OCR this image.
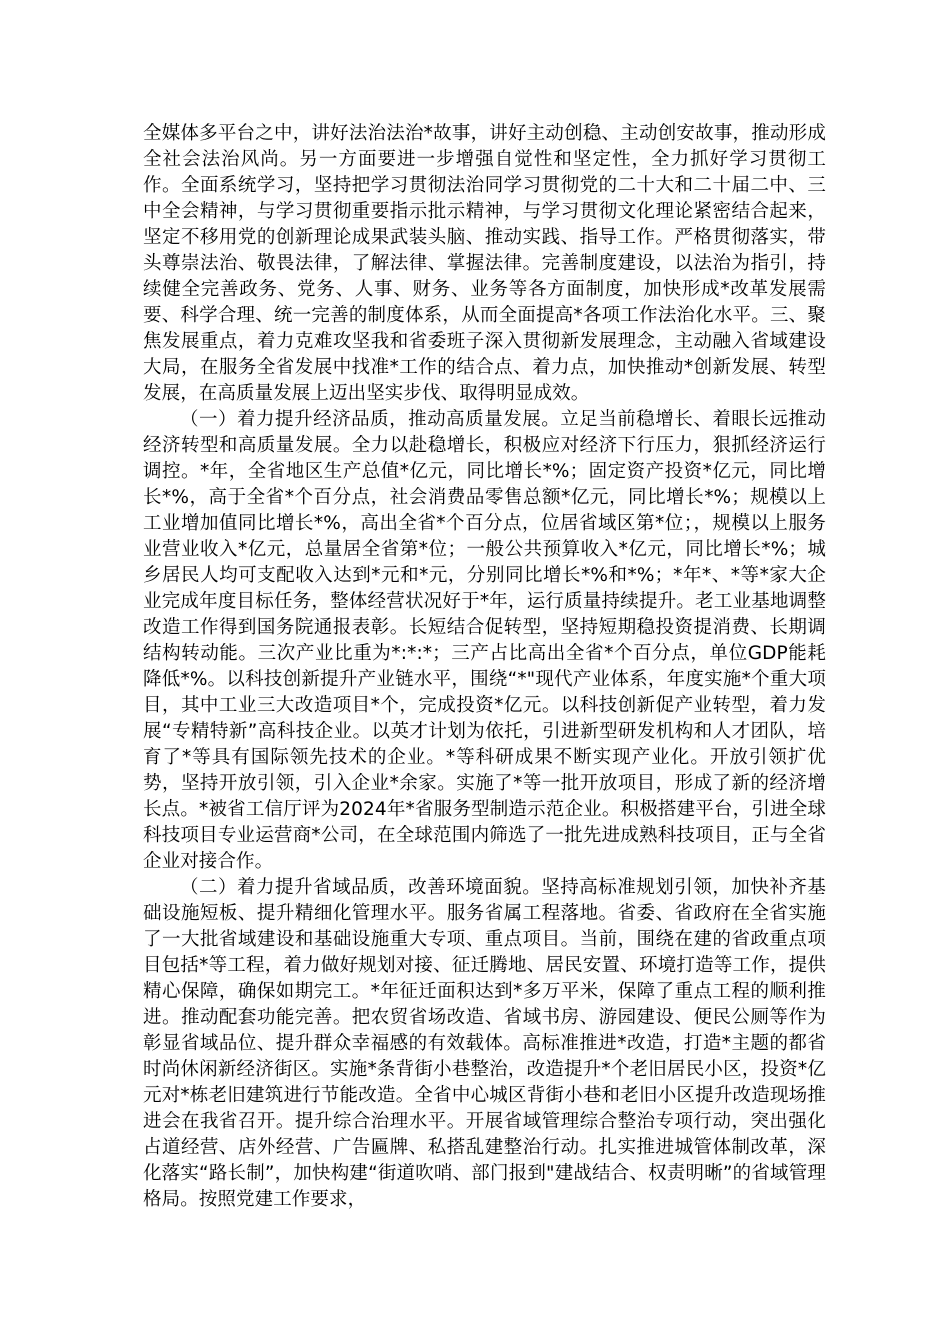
全媒体多平台之中，讲好法治法治*故事，讲好主动创稳、主动创安故事，推动形成全社会法治风尚。另一方面要进一步增强自觉性和坚定性，全力抓好学习贯彻工作。全面系统学习，坚持把学习贯彻法治同学习贯彻党的二十大和二十届二中、三中全会精神，与学习贯彻重要指示批示精神，与学习贯彻文化理论紧密结合起来，坚定不移用党的创新理论成果武装头脑、推动实践、指导工作。严格贯彻落实，带头尊崇法治、敬畏法律，了解法律、掌握法律。完善制度建设，以法治为指引，持续健全完善政务、党务、人事、财务、业务等各方面制度，加快形成*改革发展需要、科学合理、统一完善的制度体系，从而全面提高*各项工作法治化水平。三、聚焦发展重点，着力克难攻坚我和省委班子深入贯彻新发展理念，主动融入省域建设大局，在服务全省发展中找准*工作的结合点、着力点，加快推动*创新发展、转型发展，在高质量发展上迈出坚实步伐、取得明显成效。

（一）着力提升经济品质，推动高质量发展。立足当前稳增长、着眼长远推动经济转型和高质量发展。全力以赴稳增长，积极应对经济下行压力，狠抓经济运行调控。*年，全省地区生产总值*亿元，同比增长*%；固定资产投资*亿元，同比增长*%，高于全省*个百分点，社会消费品零售总额*亿元，同比增长*%；规模以上工业增加值同比增长*%，高出全省*个百分点，位居省域区第*位；，规模以上服务业营业收入*亿元，总量居全省第*位；一般公共预算收入*亿元，同比增长*%；城乡居民人均可支配收入达到*元和*元，分别同比增长*%和*%；*年*、*等*家大企业完成年度目标任务，整体经营状况好于*年，运行质量持续提升。老工业基地调整改造工作得到国务院通报表彰。长短结合促转型，坚持短期稳投资提消费、长期调结构转动能。三次产业比重为*:*:*；三产占比高出全省*个百分点，单位GDP能耗降低*%。以科技创新提升产业链水平，围绕“*"现代产业体系，年度实施*个重大项目，其中工业三大改造项目*个，完成投资*亿元。以科技创新促产业转型，着力发展“专精特新”高科技企业。以英才计划为依托，引进新型研发机构和人才团队，培育了*等具有国际领先技术的企业。*等科研成果不断实现产业化。开放引领扩优势，坚持开放引领，引入企业*余家。实施了*等一批开放项目，形成了新的经济增长点。*被省工信厅评为2024年*省服务型制造示范企业。积极搭建平台，引进全球科技项目专业运营商*公司，在全球范围内筛选了一批先进成熟科技项目，正与全省企业对接合作。

（二）着力提升省域品质，改善环境面貌。坚持高标准规划引领，加快补齐基础设施短板、提升精细化管理水平。服务省属工程落地。省委、省政府在全省实施了一大批省域建设和基础设施重大专项、重点项目。当前，围绕在建的省政重点项目包括*等工程，着力做好规划对接、征迁腾地、居民安置、环境打造等工作，提供精心保障，确保如期完工。*年征迁面积达到*多万平米，保障了重点工程的顺利推进。推动配套功能完善。把农贸省场改造、省域书房、游园建设、便民公厕等作为彰显省域品位、提升群众幸福感的有效载体。高标准推进*改造，打造*主题的都省时尚休闲新经济街区。实施*条背街小巷整治，改造提升*个老旧居民小区，投资*亿元对*栋老旧建筑进行节能改造。全省中心城区背街小巷和老旧小区提升改造现场推进会在我省召开。提升综合治理水平。开展省域管理综合整治专项行动，突出强化占道经营、店外经营、广告匾牌、私搭乱建整治行动。扎实推进城管体制改革，深化落实“路长制”，加快构建“街道吹哨、部门报到"建战结合、权责明晰”的省域管理格局。按照党建工作要求，
